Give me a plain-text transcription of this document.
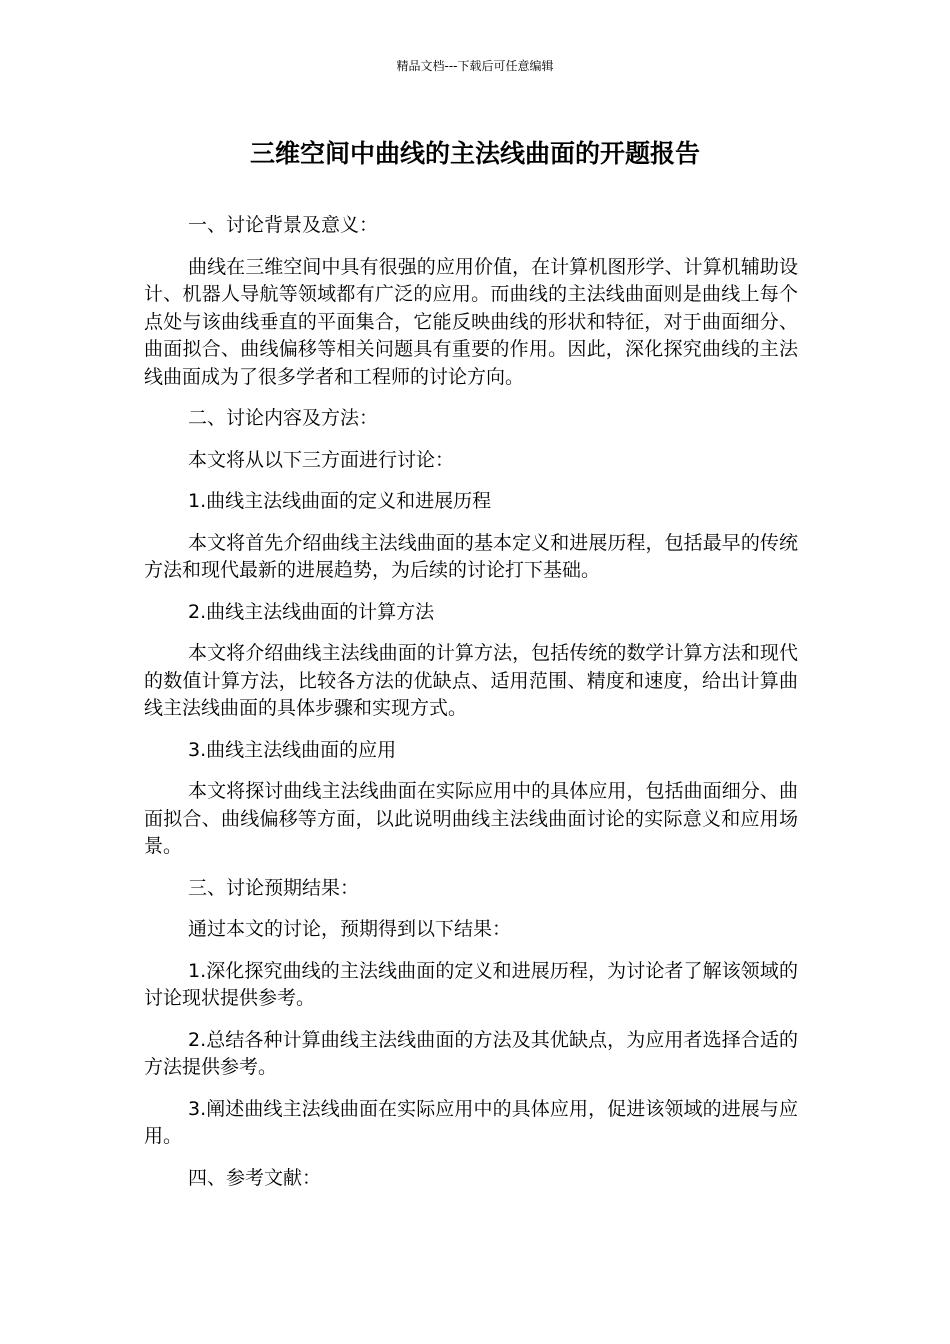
精品文档---下载后可任意编辑
三维空间中曲线的主法线曲面的开题报告

一、讨论背景及意义：

曲线在三维空间中具有很强的应用价值，在计算机图形学、计算机辅助设计、机器人导航等领域都有广泛的应用。而曲线的主法线曲面则是曲线上每个点处与该曲线垂直的平面集合，它能反映曲线的形状和特征，对于曲面细分、曲面拟合、曲线偏移等相关问题具有重要的作用。因此，深化探究曲线的主法线曲面成为了很多学者和工程师的讨论方向。

二、讨论内容及方法：

本文将从以下三方面进行讨论：

1.曲线主法线曲面的定义和进展历程

本文将首先介绍曲线主法线曲面的基本定义和进展历程，包括最早的传统方法和现代最新的进展趋势，为后续的讨论打下基础。

2.曲线主法线曲面的计算方法

本文将介绍曲线主法线曲面的计算方法，包括传统的数学计算方法和现代的数值计算方法，比较各方法的优缺点、适用范围、精度和速度，给出计算曲线主法线曲面的具体步骤和实现方式。

3.曲线主法线曲面的应用

本文将探讨曲线主法线曲面在实际应用中的具体应用，包括曲面细分、曲面拟合、曲线偏移等方面，以此说明曲线主法线曲面讨论的实际意义和应用场景。

三、讨论预期结果：

通过本文的讨论，预期得到以下结果：

1.深化探究曲线的主法线曲面的定义和进展历程，为讨论者了解该领域的讨论现状提供参考。

2.总结各种计算曲线主法线曲面的方法及其优缺点，为应用者选择合适的方法提供参考。

3.阐述曲线主法线曲面在实际应用中的具体应用，促进该领域的进展与应用。

四、参考文献：
